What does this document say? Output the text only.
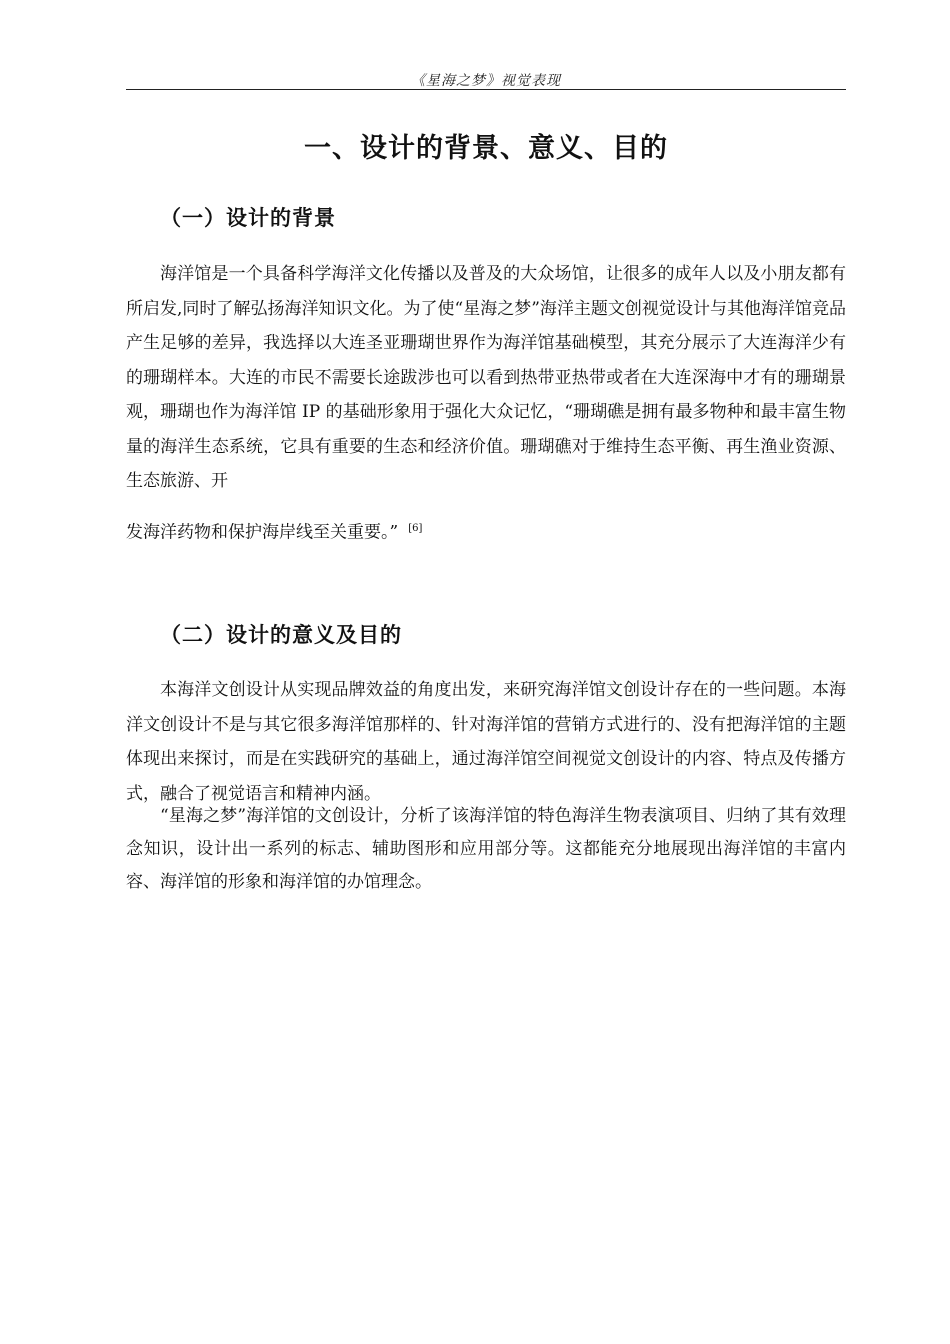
《星海之梦》视觉表现
一、设计的背景、意义、目的
（一）设计的背景

海洋馆是一个具备科学海洋文化传播以及普及的大众场馆，让很多的成年人以及小朋友都有所启发,同时了解弘扬海洋知识文化。为了使“星海之梦”海洋主题文创视觉设计与其他海洋馆竞品产生足够的差异，我选择以大连圣亚珊瑚世界作为海洋馆基础模型，其充分展示了大连海洋少有的珊瑚样本。大连的市民不需要长途跋涉也可以看到热带亚热带或者在大连深海中才有的珊瑚景观，珊瑚也作为海洋馆 IP 的基础形象用于强化大众记忆，“珊瑚礁是拥有最多物种和最丰富生物量的海洋生态系统，它具有重要的生态和经济价值。珊瑚礁对于维持生态平衡、再生渔业资源、生态旅游、开
发海洋药物和保护海岸线至关重要。” [6]

（二）设计的意义及目的

本海洋文创设计从实现品牌效益的角度出发，来研究海洋馆文创设计存在的一些问题。本海洋文创设计不是与其它很多海洋馆那样的、针对海洋馆的营销方式进行的、没有把海洋馆的主题体现出来探讨，而是在实践研究的基础上，通过海洋馆空间视觉文创设计的内容、特点及传播方式，融合了视觉语言和精神内涵。

“星海之梦”海洋馆的文创设计，分析了该海洋馆的特色海洋生物表演项目、归纳了其有效理念知识，设计出一系列的标志、辅助图形和应用部分等。这都能充分地展现出海洋馆的丰富内容、海洋馆的形象和海洋馆的办馆理念。
